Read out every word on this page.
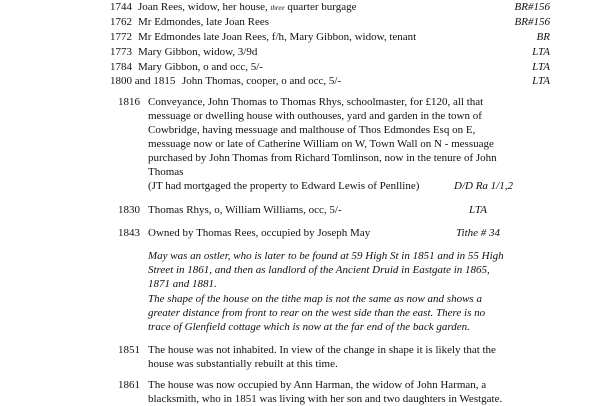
1744 Joan Rees, widow, her house, three quarter burgage	BR#156
1762 Mr Edmondes, late Joan Rees	BR#156
1772 Mr Edmondes late Joan Rees, f/h, Mary Gibbon, widow, tenant	BR
1773 Mary Gibbon, widow, 3/9d	LTA
1784 Mary Gibbon, o and occ, 5/-	LTA
1800 and 1815 John Thomas, cooper, o and occ, 5/-	LTA
1816 Conveyance, John Thomas to Thomas Rhys, schoolmaster, for £120, all that
messuage or dwelling house with outhouses, yard and garden in the town of
Cowbridge, having messuage and malthouse of Thos Edmondes Esq on E,
messuage now or late of Catherine William on W, Town Wall on N - messuage
purchased by John Thomas from Richard Tomlinson, now in the tenure of John
Thomas
(JT had mortgaged the property to Edward Lewis of Penlline)	D/D Ra 1/1,2
1830 Thomas Rhys, o, William Williams, occ, 5/-	LTA
1843 Owned by Thomas Rees, occupied by Joseph May	Tithe # 34
May was an ostler, who is later to be found at 59 High St in 1851 and in 55 High
Street in 1861, and then as landlord of the Ancient Druid in Eastgate in 1865,
1871 and 1881.
The shape of the house on the tithe map is not the same as now and shows a
greater distance from front to rear on the west side than the east. There is no
trace of Glenfield cottage which is now at the far end of the back garden.
1851 The house was not inhabited. In view of the change in shape it is likely that the
house was substantially rebuilt at this time.
1861 The house was now occupied by Ann Harman, the widow of John Harman, a
blacksmith, who in 1851 was living with her son and two daughters in Westgate.
